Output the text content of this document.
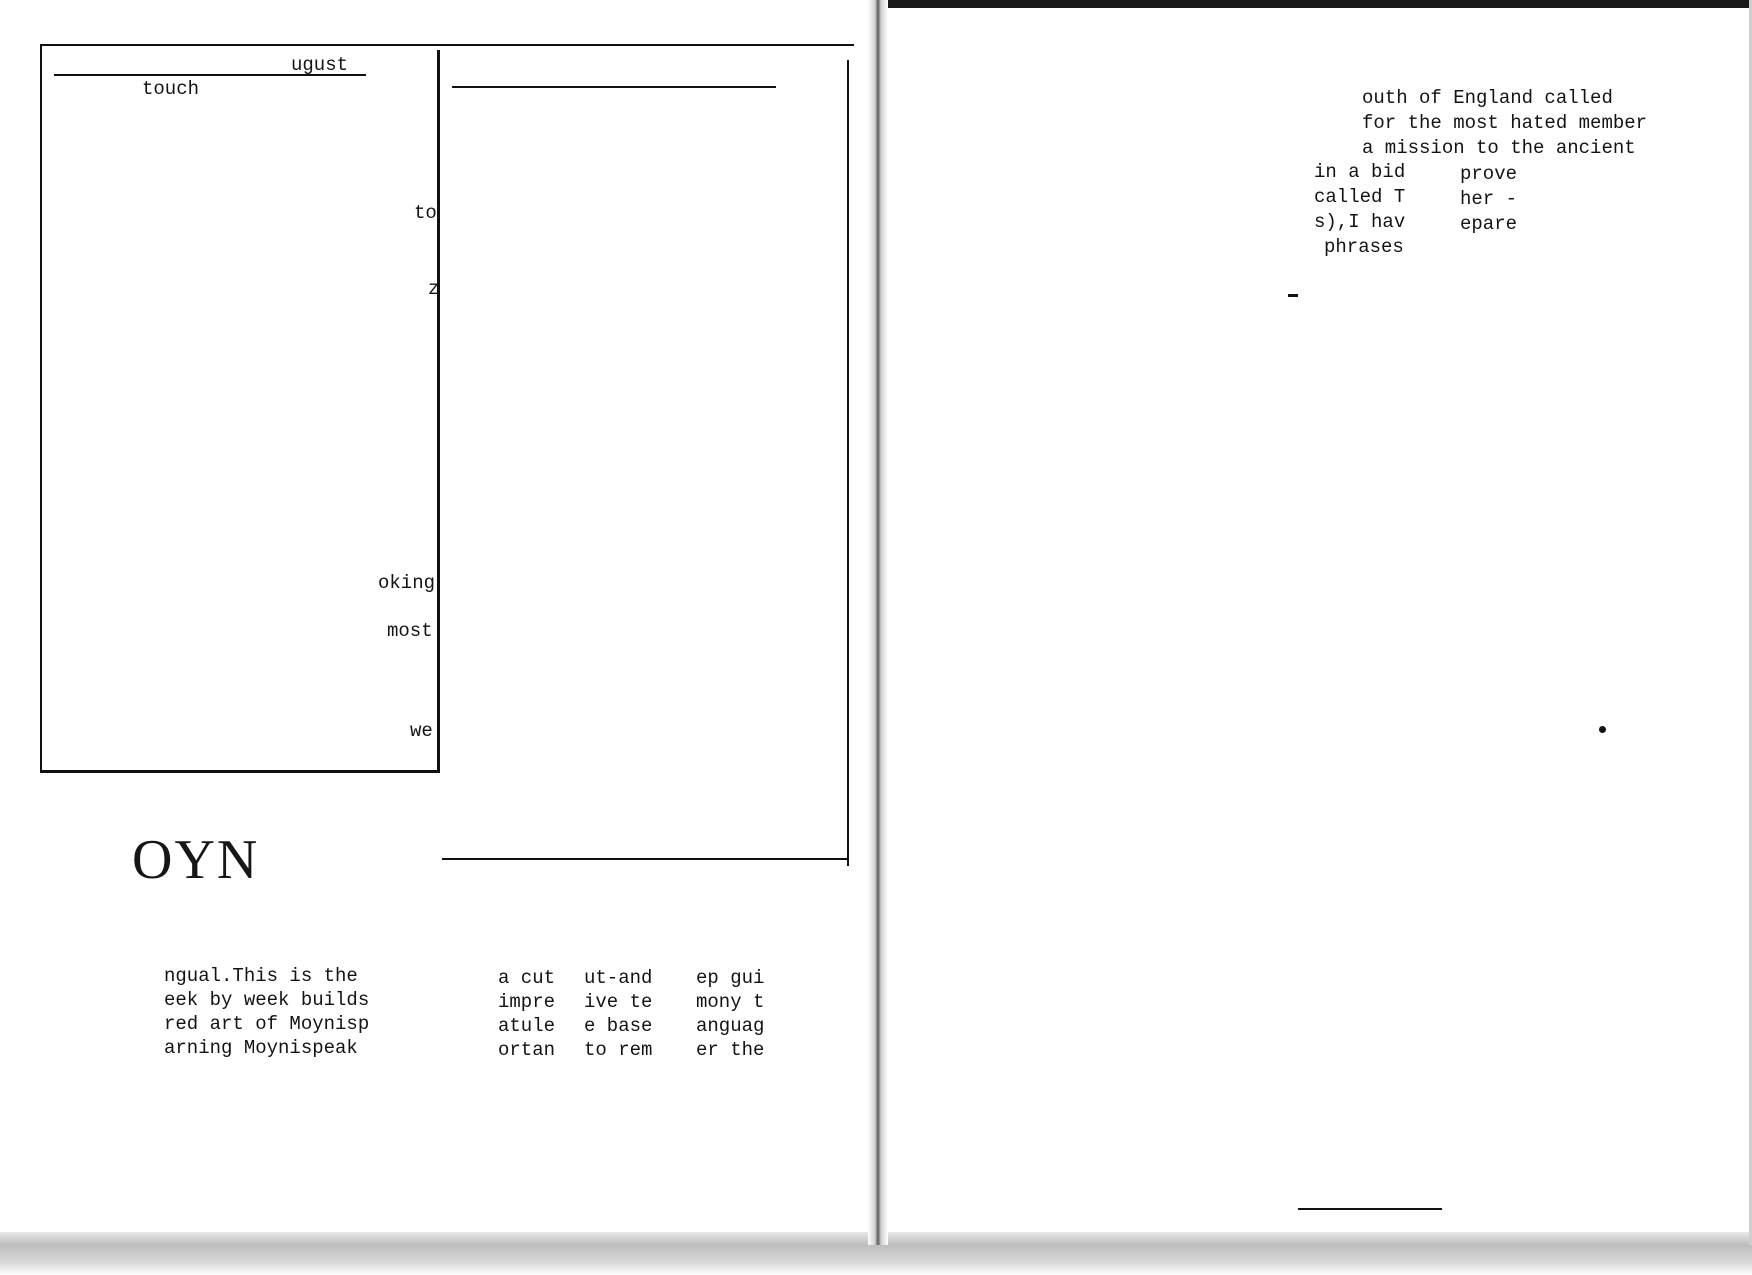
ugust
touch
to
z
oking
most
we
OYN

ngual.This is the

eek by week builds

red art of Moynisp

arning Moynispeak

a cut

impre

atule

ortan

ut-and

ive te

e base

to rem

ep gui

mony t

anguag

er the

outh of England called

for the most hated member

a mission to the ancient

in a bid

called T

s),I hav

phrases

prove

her -

epare
